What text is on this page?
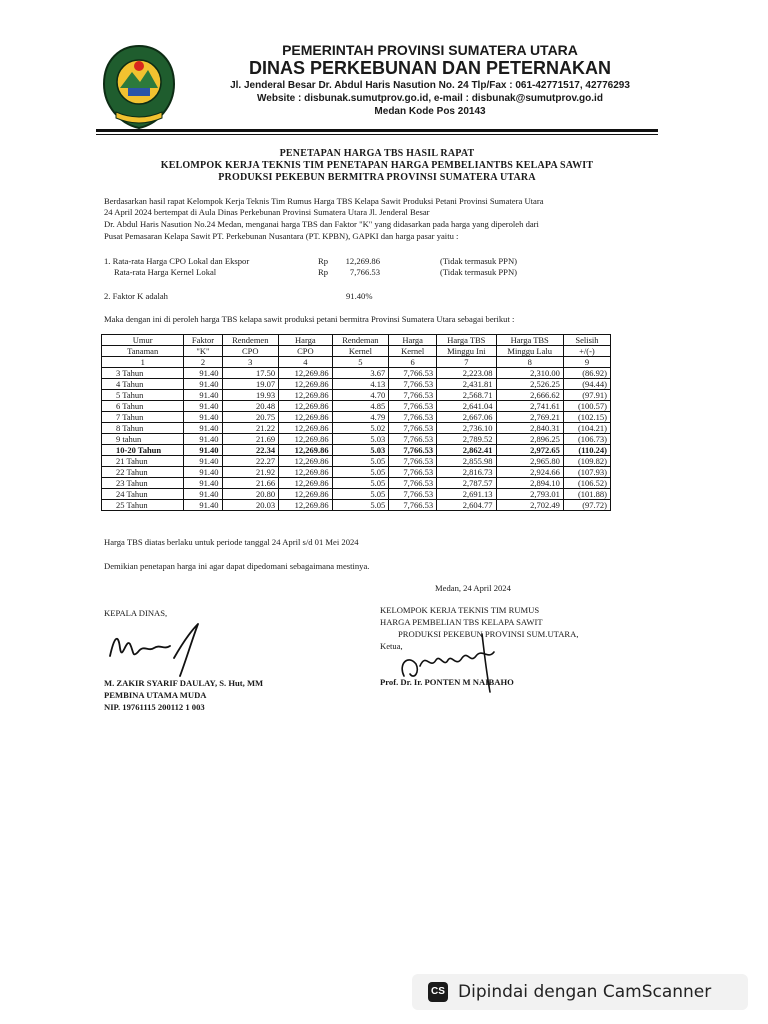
PEMERINTAH PROVINSI SUMATERA UTARA
DINAS PERKEBUNAN DAN PETERNAKAN
Jl. Jenderal Besar Dr. Abdul Haris Nasution No. 24 Tlp/Fax : 061-42771517, 42776293
Website : disbunak.sumutprov.go.id, e-mail : disbunak@sumutprov.go.id
Medan Kode Pos 20143
PENETAPAN HARGA TBS HASIL RAPAT
KELOMPOK KERJA TEKNIS TIM PENETAPAN HARGA PEMBELIANTBS KELAPA SAWIT
PRODUKSI PEKEBUN BERMITRA PROVINSI SUMATERA UTARA
Berdasarkan hasil rapat Kelompok Kerja Teknis Tim Rumus Harga TBS Kelapa Sawit Produksi Petani Provinsi Sumatera Utara
24 April 2024 bertempat di Aula Dinas Perkebunan Provinsi Sumatera Utara Jl. Jenderal Besar
Dr. Abdul Haris Nasution No.24 Medan, menganai harga TBS dan Faktor "K" yang didasarkan pada harga yang diperoleh dari
Pusat Pemasaran Kelapa Sawit PT. Perkebunan Nusantara (PT. KPBN), GAPKI dan harga pasar yaitu :
1. Rata-rata Harga CPO Lokal dan Ekspor	Rp	12,269.86	(Tidak termasuk PPN)
Rata-rata Harga Kernel Lokal	Rp	7,766.53	(Tidak termasuk PPN)
2. Faktor K adalah	91.40%
Maka dengan ini di peroleh harga TBS kelapa sawit produksi petani bermitra Provinsi Sumatera Utara sebagai berikut :
Umur	Faktor	Rendemen	Harga	Rendeman	Harga	Harga TBS	Harga TBS	Selisih
Tanaman	"K"	CPO	CPO	Kernel	Kernel	Minggu Ini	Minggu Lalu	+/(-)
1	2	3	4	5	6	7	8	9
3 Tahun	91.40	17.50	12,269.86	3.67	7,766.53	2,223.08	2,310.00	(86.92)
4 Tahun	91.40	19.07	12,269.86	4.13	7,766.53	2,431.81	2,526.25	(94.44)
5 Tahun	91.40	19.93	12,269.86	4.70	7,766.53	2,568.71	2,666.62	(97.91)
6 Tahun	91.40	20.48	12,269.86	4.85	7,766.53	2,641.04	2,741.61	(100.57)
7 Tahun	91.40	20.75	12,269.86	4.79	7,766.53	2,667.06	2,769.21	(102.15)
8 Tahun	91.40	21.22	12,269.86	5.02	7,766.53	2,736.10	2,840.31	(104.21)
9 tahun	91.40	21.69	12,269.86	5.03	7,766.53	2,789.52	2,896.25	(106.73)
10-20 Tahun	91.40	22.34	12,269.86	5.03	7,766.53	2,862.41	2,972.65	(110.24)
21 Tahun	91.40	22.27	12,269.86	5.05	7,766.53	2,855.98	2,965.80	(109.82)
22 Tahun	91.40	21.92	12,269.86	5.05	7,766.53	2,816.73	2,924.66	(107.93)
23 Tahun	91.40	21.66	12,269.86	5.05	7,766.53	2,787.57	2,894.10	(106.52)
24 Tahun	91.40	20.80	12,269.86	5.05	7,766.53	2,691.13	2,793.01	(101.88)
25 Tahun	91.40	20.03	12,269.86	5.05	7,766.53	2,604.77	2,702.49	(97.72)
Harga TBS diatas berlaku untuk periode tanggal 24 April s/d 01 Mei 2024
Demikian penetapan harga ini agar dapat dipedomani sebagaimana mestinya.
Medan, 24 April 2024
KEPALA DINAS,
M. ZAKIR SYARIF DAULAY, S. Hut, MM
PEMBINA UTAMA MUDA
NIP. 19761115 200112 1 003
KELOMPOK KERJA TEKNIS TIM RUMUS
HARGA PEMBELIAN TBS KELAPA SAWIT
PRODUKSI PEKEBUN PROVINSI SUM.UTARA,
Ketua,
Prof. Dr. Ir. PONTEN M NAIBAHO
CS Dipindai dengan CamScanner
